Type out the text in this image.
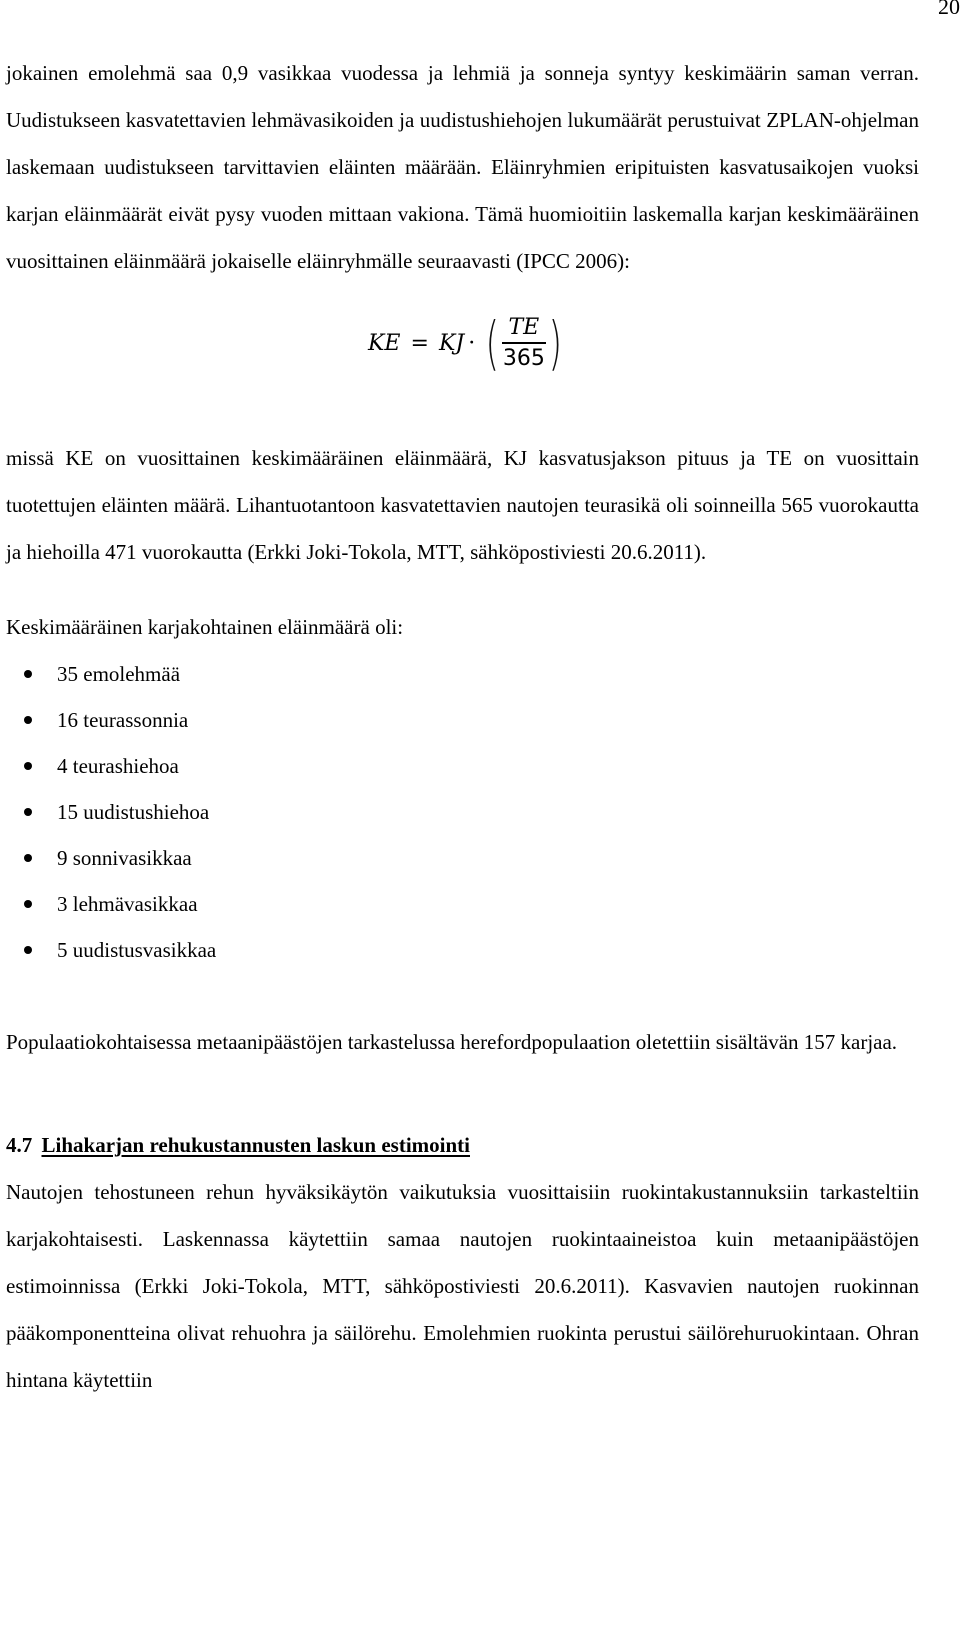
20

jokainen emolehmä saa 0,9 vasikkaa vuodessa ja lehmiä ja sonneja syntyy keskimäärin saman verran. Uudistukseen kasvatettavien lehmävasikoiden ja uudistushiehojen lukumäärät perustuivat ZPLAN-ohjelman laskemaan uudistukseen tarvittavien eläinten määrään. Eläinryhmien eripituisten kasvatusaikojen vuoksi karjan eläinmäärät eivät pysy vuoden mittaan vakiona. Tämä huomioitiin laskemalla karjan keskimääräinen vuosittainen eläinmäärä jokaiselle eläinryhmälle seuraavasti (IPCC 2006):

KE = KJ · ( $\frac{TE}{365}$ )

missä KE on vuosittainen keskimääräinen eläinmäärä, KJ kasvatusjakson pituus ja TE on vuosittain tuotettujen eläinten määrä. Lihantuotantoon kasvatettavien nautojen teurasikä oli soinneilla 565 vuorokautta ja hiehoilla 471 vuorokautta (Erkki Joki-Tokola, MTT, sähköpostiviesti 20.6.2011).

Keskimääräinen karjakohtainen eläinmäärä oli:

35 emolehmää
16 teurassonnia
4 teurashiehoa
15 uudistushiehoa
9 sonnivasikkaa
3 lehmävasikkaa
5 uudistusvasikkaa

Populaatiokohtaisessa metaanipäästöjen tarkastelussa herefordpopulaation oletettiin sisältävän 157 karjaa.

4.7 Lihakarjan rehukustannusten laskun estimointi

Nautojen tehostuneen rehun hyväksikäytön vaikutuksia vuosittaisiin ruokintakustannuksiin tarkasteltiin karjakohtaisesti. Laskennassa käytettiin samaa nautojen ruokintaaineistoa kuin metaanipäästöjen estimoinnissa (Erkki Joki-Tokola, MTT, sähköpostiviesti 20.6.2011). Kasvavien nautojen ruokinnan pääkomponentteina olivat rehuohra ja säilörehu. Emolehmien ruokinta perustui säilörehuruokintaan. Ohran hintana käytettiin
